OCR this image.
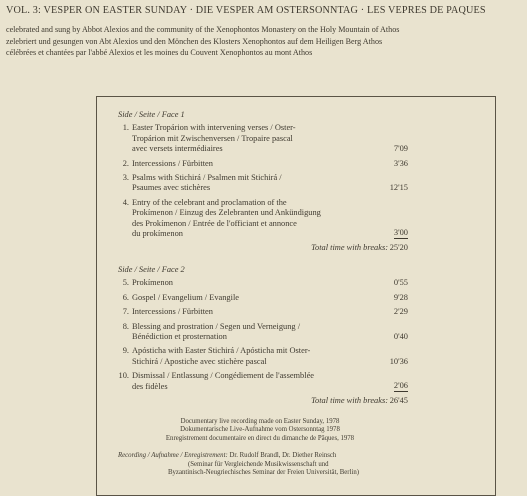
VOL. 3: VESPER ON EASTER SUNDAY · DIE VESPER AM OSTERSONNTAG · LES VEPRES DE PAQUES

celebrated and sung by Abbot Alexios and the community of the Xenophontos Monastery on the Holy Mountain of Athos
zelebriert und gesungen von Abt Alexios und den Mönchen des Klosters Xenophontos auf dem Heiligen Berg Athos
célébrées et chantées par l'abbé Alexios et les moines du Couvent Xenophontos au mont Athos
Side / Seite / Face 1
1. Easter Tropárion with intervening verses / Oster-
Tropárion mit Zwischenversen / Tropaire pascal
avec versets intermédiaires	7'09
2. Intercessions / Fürbitten	3'36
3. Psalms with Stichirá / Psalmen mit Stichirá /
Psaumes avec stichères	12'15
4. Entry of the celebrant and proclamation of the
Prokímenon / Einzug des Zelebranten und Ankündigung
des Prokímenon / Entrée de l'officiant et annonce
du prokímenon	3'00
Total time with breaks: 25'20
Side / Seite / Face 2
5. Prokímenon	0'55
6. Gospel / Evangelium / Evangile	9'28
7. Intercessions / Fürbitten	2'29
8. Blessing and prostration / Segen und Verneigung /
Bénédiction et prosternation	0'40
9. Apósticha with Easter Stichirá / Apósticha mit Oster-
Stichirá / Apostiche avec stichère pascal	10'36
10. Dismissal / Entlassung / Congédiement de l'assemblée
des fidèles	2'06
Total time with breaks: 26'45
Documentary live recording made on Easter Sunday, 1978
Dokumentarische Live-Aufnahme vom Ostersonntag 1978
Enregistrement documentaire en direct du dimanche de Pâques, 1978
Recording / Aufnahme / Enregistrement: Dr. Rudolf Brandl, Dr. Diether Reinsch
(Seminar für Vergleichende Musikwissenschaft und
Byzantinisch-Neugriechisches Seminar der Freien Universität, Berlin)
